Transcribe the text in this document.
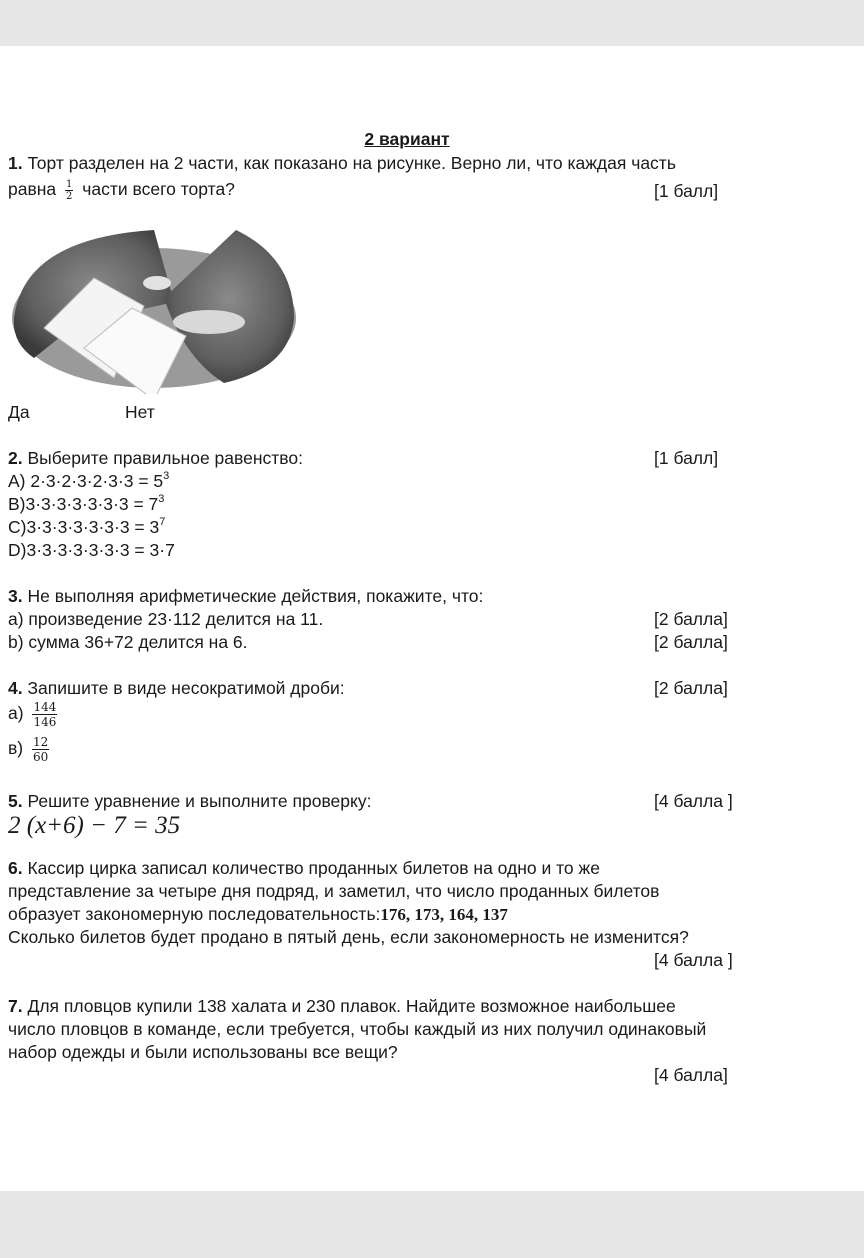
2 вариант
1. Торт разделен на 2 части, как показано на рисунке. Верно ли, что каждая часть
равна $\frac{1}{2}$ части всего торта?	[1 балл]
Да	Нет
2. Выберите правильное равенство:	[1 балл]
A) $2\cdot 3\cdot 2\cdot 3\cdot 2\cdot 3\cdot 3 = 5^3$
$B)3\cdot 3\cdot 3\cdot 3\cdot 3\cdot 3\cdot 3 = 7^3$
$C)3\cdot 3\cdot 3\cdot 3\cdot 3\cdot 3\cdot 3 = 3^7$
D)3·3·3·3·3·3·3 = 3·7
3. Не выполняя арифметические действия, покажите, что:
a) произведение 23·112 делится на 11.	[2 балла]
b) сумма 36+72 делится на 6.	[2 балла]
4. Запишите в виде несократимой дроби:	[2 балла]
$а) \frac{144}{146}$
$в) \frac{12}{60}$
5. Решите уравнение и выполните проверку:	[4 балла ]
2 (x+6) − 7 = 35
6. Кассир цирка записал количество проданных билетов на одно и то же
представление за четыре дня подряд, и заметил, что число проданных билетов
образует закономерную последовательность:176, 173, 164, 137
Сколько билетов будет продано в пятый день, если закономерность не изменится?
[4 балла ]
7. Для пловцов купили 138 халата и 230 плавок. Найдите возможное наибольшее
число пловцов в команде, если требуется, чтобы каждый из них получил одинаковый
набор одежды и были использованы все вещи?
[4 балла]
